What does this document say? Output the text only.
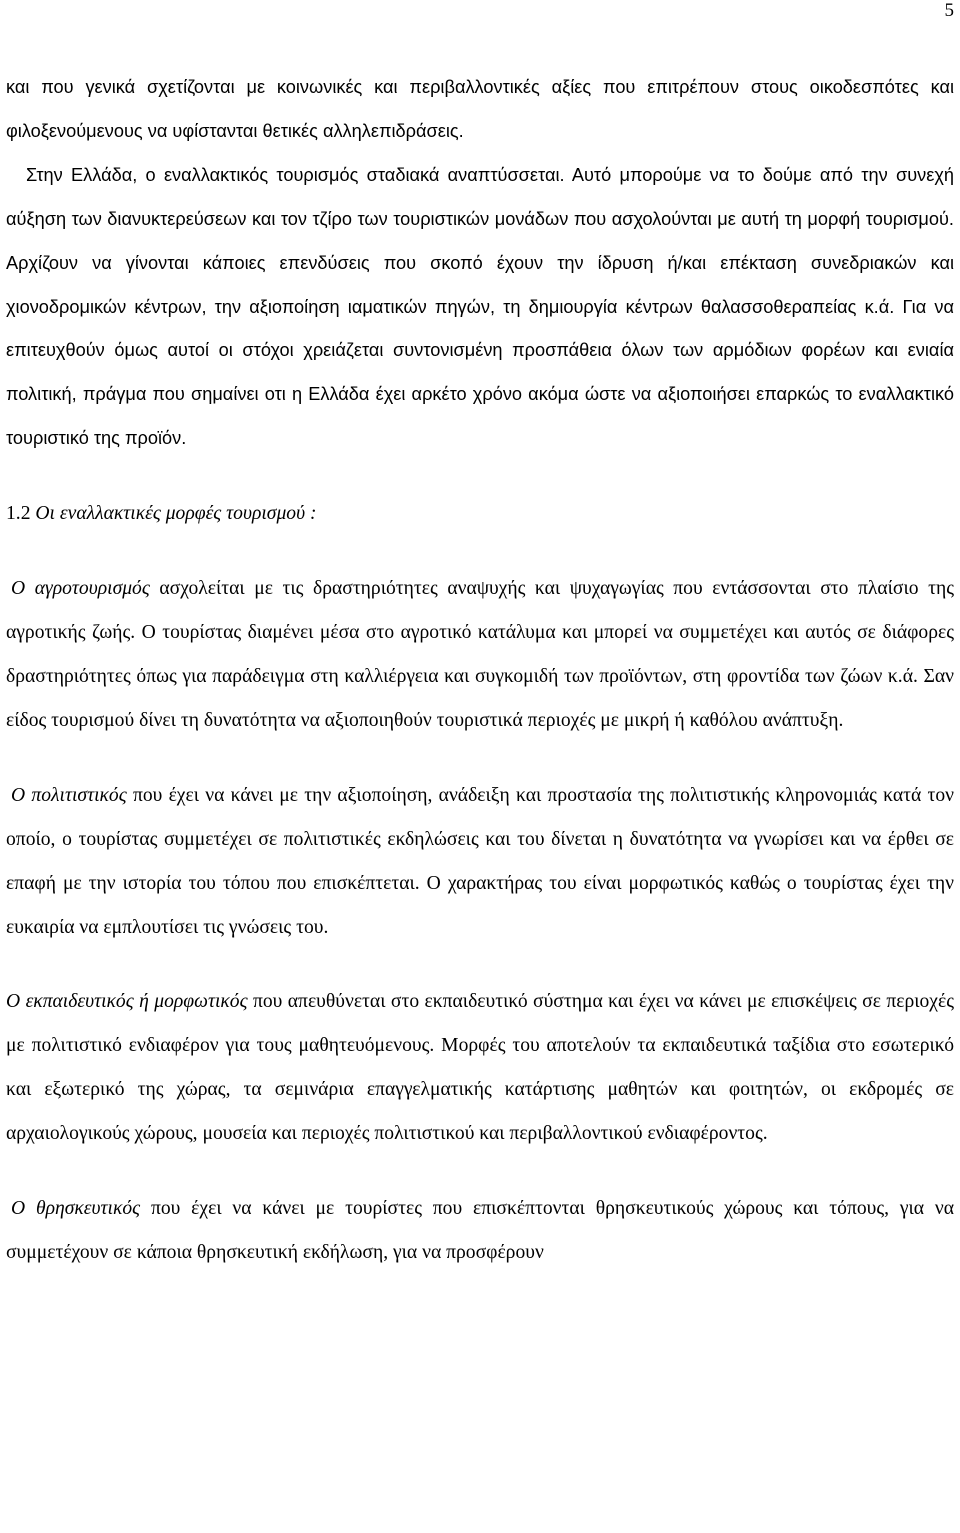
5

και που γενικά σχετίζονται με κοινωνικές και περιβαλλοντικές αξίες που επιτρέπουν στους οικοδεσπότες και φιλοξενούμενους να υφίστανται θετικές αλληλεπιδράσεις.

Στην Ελλάδα, ο εναλλακτικός τουρισμός σταδιακά αναπτύσσεται. Αυτό μπορούμε να το δούμε από την συνεχή αύξηση των διανυκτερεύσεων και τον τζίρο των τουριστικών μονάδων που ασχολούνται με αυτή τη μορφή τουρισμού. Αρχίζουν να γίνονται κάποιες επενδύσεις που σκοπό έχουν την ίδρυση ή/και επέκταση συνεδριακών και χιονοδρομικών κέντρων, την αξιοποίηση ιαματικών πηγών, τη δημιουργία κέντρων θαλασσοθεραπείας κ.ά. Για να επιτευχθούν όμως αυτοί οι στόχοι χρειάζεται συντονισμένη προσπάθεια όλων των αρμόδιων φορέων και ενιαία πολιτική, πράγμα που σημαίνει οτι η Ελλάδα έχει αρκέτο χρόνο ακόμα ώστε να αξιοποιήσει επαρκώς το εναλλακτικό τουριστικό της προϊόν.

1.2 Οι εναλλακτικές μορφές τουρισμού :

Ο αγροτουρισμός ασχολείται με τις δραστηριότητες αναψυχής και ψυχαγωγίας που εντάσσονται στο πλαίσιο της αγροτικής ζωής. Ο τουρίστας διαμένει μέσα στο αγροτικό κατάλυμα και μπορεί να συμμετέχει και αυτός σε διάφορες δραστηριότητες όπως για παράδειγμα στη καλλιέργεια και συγκομιδή των προϊόντων, στη φροντίδα των ζώων κ.ά. Σαν είδος τουρισμού δίνει τη δυνατότητα να αξιοποιηθούν τουριστικά περιοχές με μικρή ή καθόλου ανάπτυξη.

Ο πολιτιστικός που έχει να κάνει με την αξιοποίηση, ανάδειξη και προστασία της πολιτιστικής κληρονομιάς κατά τον οποίο, ο τουρίστας συμμετέχει σε πολιτιστικές εκδηλώσεις και του δίνεται η δυνατότητα να γνωρίσει και να έρθει σε επαφή με την ιστορία του τόπου που επισκέπτεται. Ο χαρακτήρας του είναι μορφωτικός καθώς ο τουρίστας έχει την ευκαιρία να εμπλουτίσει τις γνώσεις του.

Ο εκπαιδευτικός ή μορφωτικός που απευθύνεται στο εκπαιδευτικό σύστημα και έχει να κάνει με επισκέψεις σε περιοχές με πολιτιστικό ενδιαφέρον για τους μαθητευόμενους. Μορφές του αποτελούν τα εκπαιδευτικά ταξίδια στο εσωτερικό και εξωτερικό της χώρας, τα σεμινάρια επαγγελματικής κατάρτισης μαθητών και φοιτητών, οι εκδρομές σε αρχαιολογικούς χώρους, μουσεία και περιοχές πολιτιστικού και περιβαλλοντικού ενδιαφέροντος.

Ο θρησκευτικός που έχει να κάνει με τουρίστες που επισκέπτονται θρησκευτικούς χώρους και τόπους, για να συμμετέχουν σε κάποια θρησκευτική εκδήλωση, για να προσφέρουν
